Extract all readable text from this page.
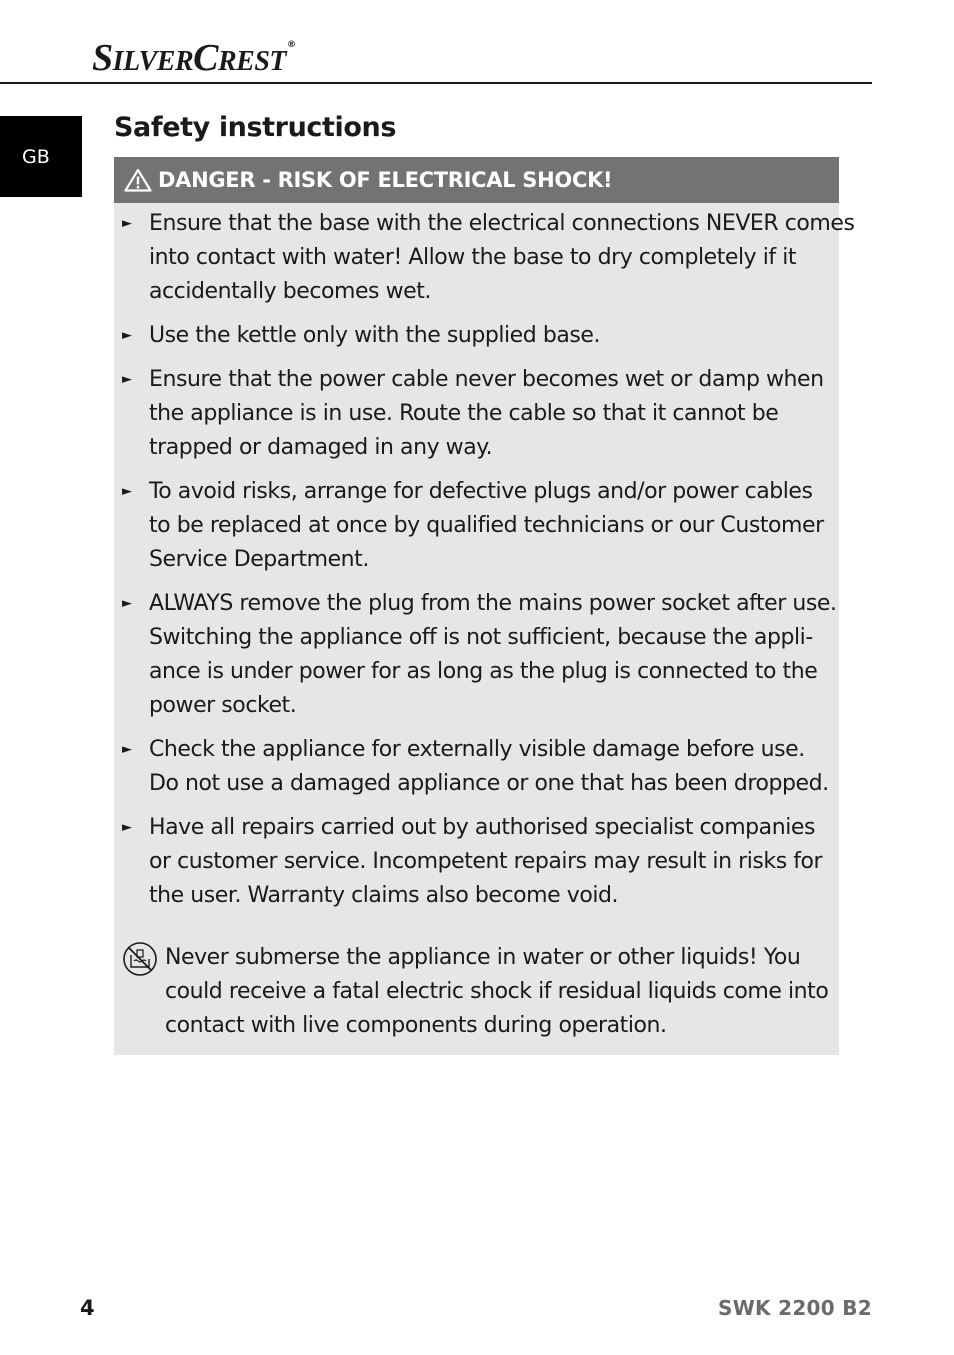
SILVERCREST®
GB
Safety instructions
DANGER - RISK OF ELECTRICAL SHOCK!
► Ensure that the base with the electrical connections NEVER comes
into contact with water! Allow the base to dry completely if it
accidentally becomes wet.
► Use the kettle only with the supplied base.
► Ensure that the power cable never becomes wet or damp when
the appliance is in use. Route the cable so that it cannot be
trapped or damaged in any way.
► To avoid risks, arrange for defective plugs and/or power cables
to be replaced at once by qualified technicians or our Customer
Service Department.
► ALWAYS remove the plug from the mains power socket after use.
Switching the appliance off is not sufficient, because the appli-
ance is under power for as long as the plug is connected to the
power socket.
► Check the appliance for externally visible damage before use.
Do not use a damaged appliance or one that has been dropped.
► Have all repairs carried out by authorised specialist companies
or customer service. Incompetent repairs may result in risks for
the user. Warranty claims also become void.
Never submerse the appliance in water or other liquids! You
could receive a fatal electric shock if residual liquids come into
contact with live components during operation.
4	SWK 2200 B2
